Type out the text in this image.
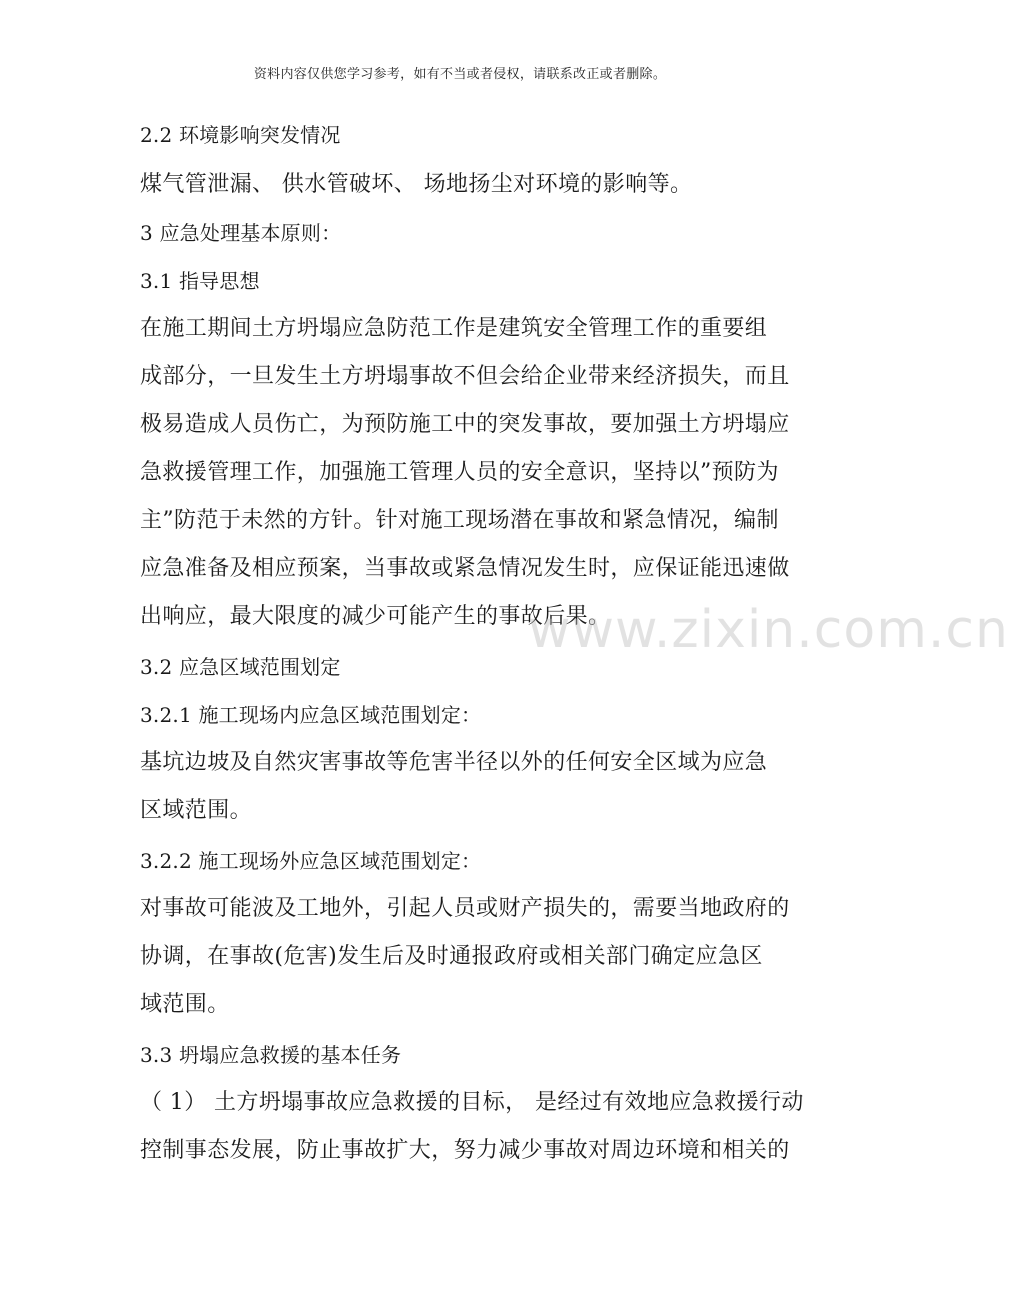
资料内容仅供您学习参考，如有不当或者侵权，请联系改正或者删除。
2.2 环境影响突发情况
煤气管泄漏、 供水管破坏、 场地扬尘对环境的影响等。
3 应急处理基本原则：
3.1 指导思想
在施工期间土方坍塌应急防范工作是建筑安全管理工作的重要组
成部分，一旦发生土方坍塌事故不但会给企业带来经济损失，而且
极易造成人员伤亡，为预防施工中的突发事故，要加强土方坍塌应
急救援管理工作，加强施工管理人员的安全意识，坚持以”预防为
主”防范于未然的方针。针对施工现场潜在事故和紧急情况，编制
应急准备及相应预案，当事故或紧急情况发生时，应保证能迅速做
出响应，最大限度的减少可能产生的事故后果。
3.2 应急区域范围划定
3.2.1 施工现场内应急区域范围划定：
基坑边坡及自然灾害事故等危害半径以外的任何安全区域为应急
区域范围。
3.2.2 施工现场外应急区域范围划定：
对事故可能波及工地外，引起人员或财产损失的，需要当地政府的
协调，在事故(危害)发生后及时通报政府或相关部门确定应急区
域范围。
3.3 坍塌应急救援的基本任务
（ 1） 土方坍塌事故应急救援的目标， 是经过有效地应急救援行动
控制事态发展，防止事故扩大，努力减少事故对周边环境和相关的
www.zixin.com.cn
